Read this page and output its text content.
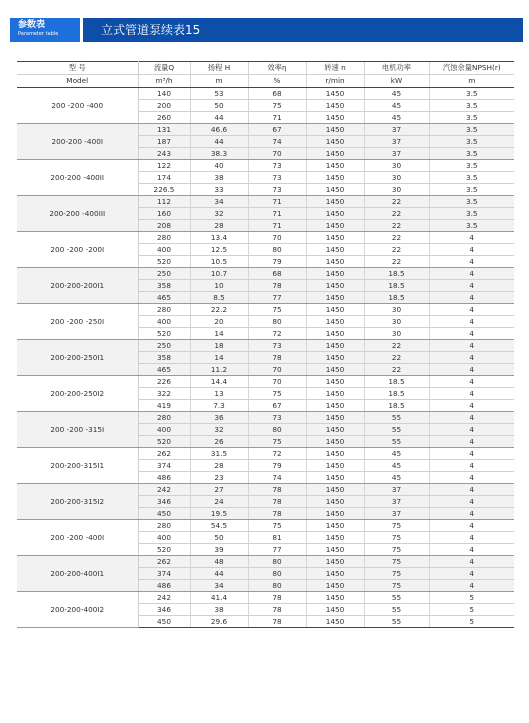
参数表
Parameter table	立式管道泵续表15
型 号	流量Q	扬程 H	效率η	转速 n	电机功率	汽蚀余量NPSH(r)
Model	m³/h	m	%	r/min	kW	m
200 -200 -400	140	53	68	1450	45	3.5
	200	50	75	1450	45	3.5
	260	44	71	1450	45	3.5
200-200 -400I	131	46.6	67	1450	37	3.5
	187	44	74	1450	37	3.5
	243	38.3	70	1450	37	3.5
200-200 -400II	122	40	73	1450	30	3.5
	174	38	73	1450	30	3.5
	226.5	33	73	1450	30	3.5
200-200 -400III	112	34	71	1450	22	3.5
	160	32	71	1450	22	3.5
	208	28	71	1450	22	3.5
200 -200 -200I	280	13.4	70	1450	22	4
	400	12.5	80	1450	22	4
	520	10.5	79	1450	22	4
200-200-200I1	250	10.7	68	1450	18.5	4
	358	10	78	1450	18.5	4
	465	8.5	77	1450	18.5	4
200 -200 -250I	280	22.2	75	1450	30	4
	400	20	80	1450	30	4
	520	14	72	1450	30	4
200-200-250I1	250	18	73	1450	22	4
	358	14	78	1450	22	4
	465	11.2	70	1450	22	4
200-200-250I2	226	14.4	70	1450	18.5	4
	322	13	75	1450	18.5	4
	419	7.3	67	1450	18.5	4
200 -200 -315I	280	36	73	1450	55	4
	400	32	80	1450	55	4
	520	26	75	1450	55	4
200-200-315I1	262	31.5	72	1450	45	4
	374	28	79	1450	45	4
	486	23	74	1450	45	4
200-200-315I2	242	27	78	1450	37	4
	346	24	78	1450	37	4
	450	19.5	78	1450	37	4
200 -200 -400I	280	54.5	75	1450	75	4
	400	50	81	1450	75	4
	520	39	77	1450	75	4
200-200-400I1	262	48	80	1450	75	4
	374	44	80	1450	75	4
	486	34	80	1450	75	4
200-200-400I2	242	41.4	78	1450	55	5
	346	38	78	1450	55	5
	450	29.6	78	1450	55	5
